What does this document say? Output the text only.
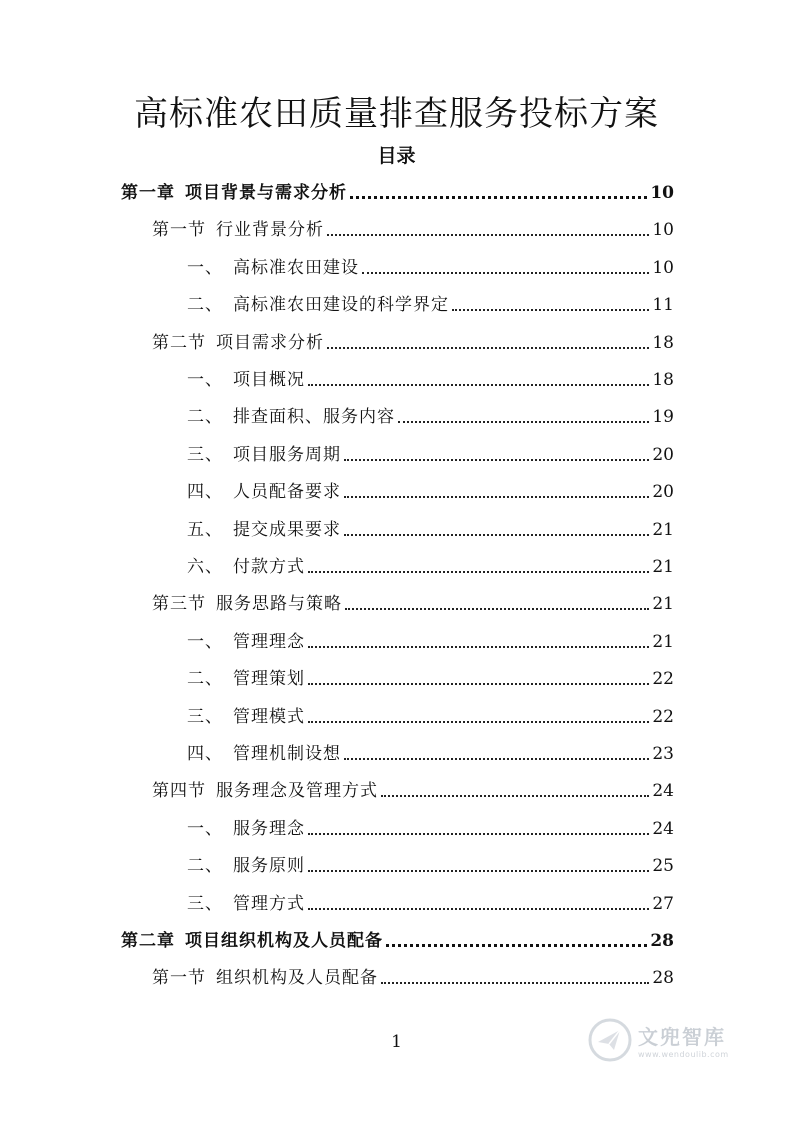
高标准农田质量排查服务投标方案
目录
第一章 项目背景与需求分析	10
第一节 行业背景分析	10
一、 高标准农田建设	10
二、 高标准农田建设的科学界定	11
第二节 项目需求分析	18
一、 项目概况	18
二、 排查面积、服务内容	19
三、 项目服务周期	20
四、 人员配备要求	20
五、 提交成果要求	21
六、 付款方式	21
第三节 服务思路与策略	21
一、 管理理念	21
二、 管理策划	22
三、 管理模式	22
四、 管理机制设想	23
第四节 服务理念及管理方式	24
一、 服务理念	24
二、 服务原则	25
三、 管理方式	27
第二章 项目组织机构及人员配备	28
第一节 组织机构及人员配备	28
1	文兜智库
www.wendoulib.com
